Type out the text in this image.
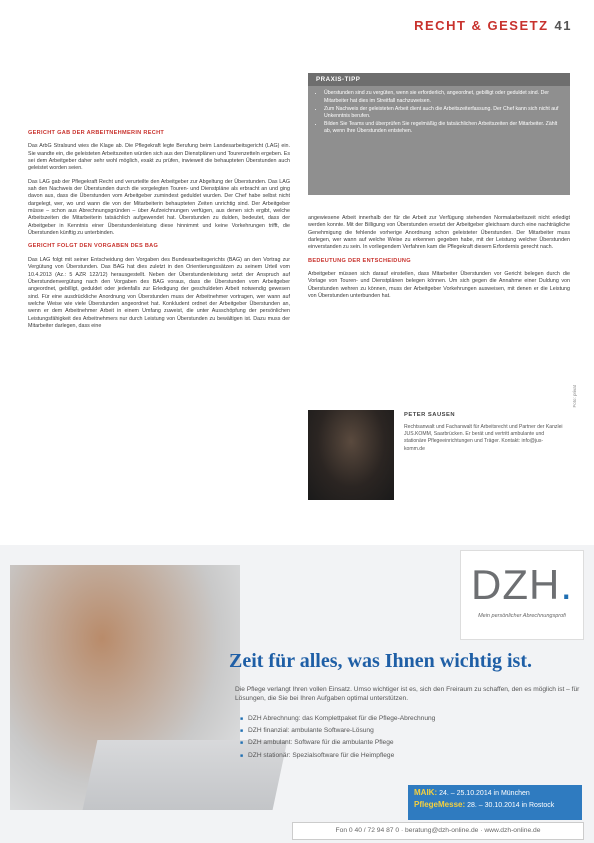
RECHT & GESETZ 41
PRAXIS-TIPP
• Überstunden sind zu vergüten, wenn sie erforderlich, angeordnet, gebilligt oder geduldet sind. Der Mitarbeiter hat dies im Streitfall nachzuweisen.
• Zum Nachweis der geleisteten Arbeit dient auch die Arbeitszeiterfassung. Der Chef kann sich nicht auf Unkenntnis berufen.
• Bilden Sie Teams und überprüfen Sie regelmäßig die tatsächlichen Arbeitszeiten der Mitarbeiter. Zählt ab, wenn Ihre Überstunden entstehen.

GERICHT GAB DER ARBEITNEHMERIN RECHT

Das ArbG Stralsund wies die Klage ab. Die Pflegekraft legte Berufung beim Landesarbeitsgericht (LAG) ein. Sie wandte ein, die geleisteten Arbeitszeiten würden sich aus den Dienstplänen und Tourenzetteln ergeben. Es sei dem Arbeitgeber daher sehr wohl möglich, exakt zu prüfen, inwieweit die behaupteten Überstunden auch geleistet worden seien.

Das LAG gab der Pflegekraft Recht und verurteilte den Arbeitgeber zur Abgeltung der Überstunden. Das LAG sah den Nachweis der Überstunden durch die vorgelegten Touren- und Dienstpläne als erbracht an und ging davon aus, dass die Überstunden vom Arbeitgeber zumindest geduldet wurden. Der Chef habe selbst nicht dargelegt, wer, wo und wann die von der Mitarbeiterin behaupteten Zeiten unrichtig sind. Der Arbeitgeber müsse – schon aus Abrechnungsgründen – über Aufzeichnungen verfügen, aus denen sich ergibt, welche Arbeitszeiten die Mitarbeiterin tatsächlich aufgewendet hat. Überstunden zu dulden, bedeutet, dass der Arbeitgeber in Kenntnis einer Überstundenleistung diese hinnimmt und keine Vorkehrungen trifft, die Überstunden künftig zu unterbinden.

GERICHT FOLGT DEN VORGABEN DES BAG

Das LAG folgt mit seiner Entscheidung den Vorgaben des Bundesarbeitsgerichts (BAG) an den Vortrag zur Vergütung von Überstunden. Das BAG hat dies zuletzt in den Orientierungssätzen zu seinem Urteil vom 10.4.2013 (Az.: 5 AZR 122/12) herausgestellt. Neben der Überstundenleistung setzt der Anspruch auf Überstundenvergütung nach den Vorgaben des BAG voraus, dass die Überstunden vom Arbeitgeber angeordnet, gebilligt, geduldet oder jedenfalls zur Erledigung der geschuldeten Arbeit notwendig gewesen sind. Für eine ausdrückliche Anordnung von Überstunden muss der Arbeitnehmer vortragen, wer wann auf welche Weise wie viele Überstunden angeordnet hat. Konkludent ordnet der Arbeitgeber Überstunden an, wenn er dem Arbeitnehmer Arbeit in einem Umfang zuweist, die unter Ausschöpfung der persönlichen Leistungsfähigkeit des Arbeitnehmers nur durch Leistung von Überstunden zu bewältigen ist. Dazu muss der Mitarbeiter darlegen, dass eine

angewiesene Arbeit innerhalb der für die Arbeit zur Verfügung stehenden Normalarbeitszeit nicht erledigt werden konnte. Mit der Billigung von Überstunden ersetzt der Arbeitgeber gleichsam durch eine nachträgliche Genehmigung die fehlende vorherige Anordnung schon geleisteter Überstunden. Der Mitarbeiter muss darlegen, wer wann auf welche Weise zu erkennen gegeben habe, mit der Leistung welcher Überstunden einverstanden zu sein. In vorliegendem Verfahren kam die Pflegekraft diesem Erfordernis gerecht nach.

BEDEUTUNG DER ENTSCHEIDUNG

Arbeitgeber müssen sich darauf einstellen, dass Mitarbeiter Überstunden vor Gericht belegen durch die Vorlage von Touren- und Dienstplänen belegen können. Um sich gegen die Annahme einer Duldung von Überstunden wehren zu können, muss der Arbeitgeber Vorkehrungen ausweisen, mit denen er die Leistung von Überstunden unterbunden hat.

PETER SAUSEN
Rechtsanwalt und Fachanwalt für Arbeitsrecht und Partner der Kanzlei JUS.KOMM, Saarbrücken. Er berät und vertritt ambulante und stationäre Pflegeeinrichtungen und Träger. Kontakt: info@jus-komm.de
Foto: privat
DZH.
Mein persönlicher Abrechnungsprofi
Zeit für alles, was Ihnen wichtig ist.
Die Pflege verlangt Ihren vollen Einsatz. Umso wichtiger ist es, sich den Freiraum zu schaffen, den es möglich ist – für Lösungen, die Sie bei Ihren Aufgaben optimal unterstützen.
■ DZH Abrechnung: das Komplettpaket für die Pflege-Abrechnung
■ DZH finanzial: ambulante Software-Lösung
■ DZH ambulant: Software für die ambulante Pflege
■ DZH stationär: Spezialsoftware für die Heimpflege
MAIK: 24. – 25.10.2014 in München
PflegeMesse: 28. – 30.10.2014 in Rostock
Fon 0 40 / 72 94 87 0 · beratung@dzh-online.de · www.dzh-online.de
